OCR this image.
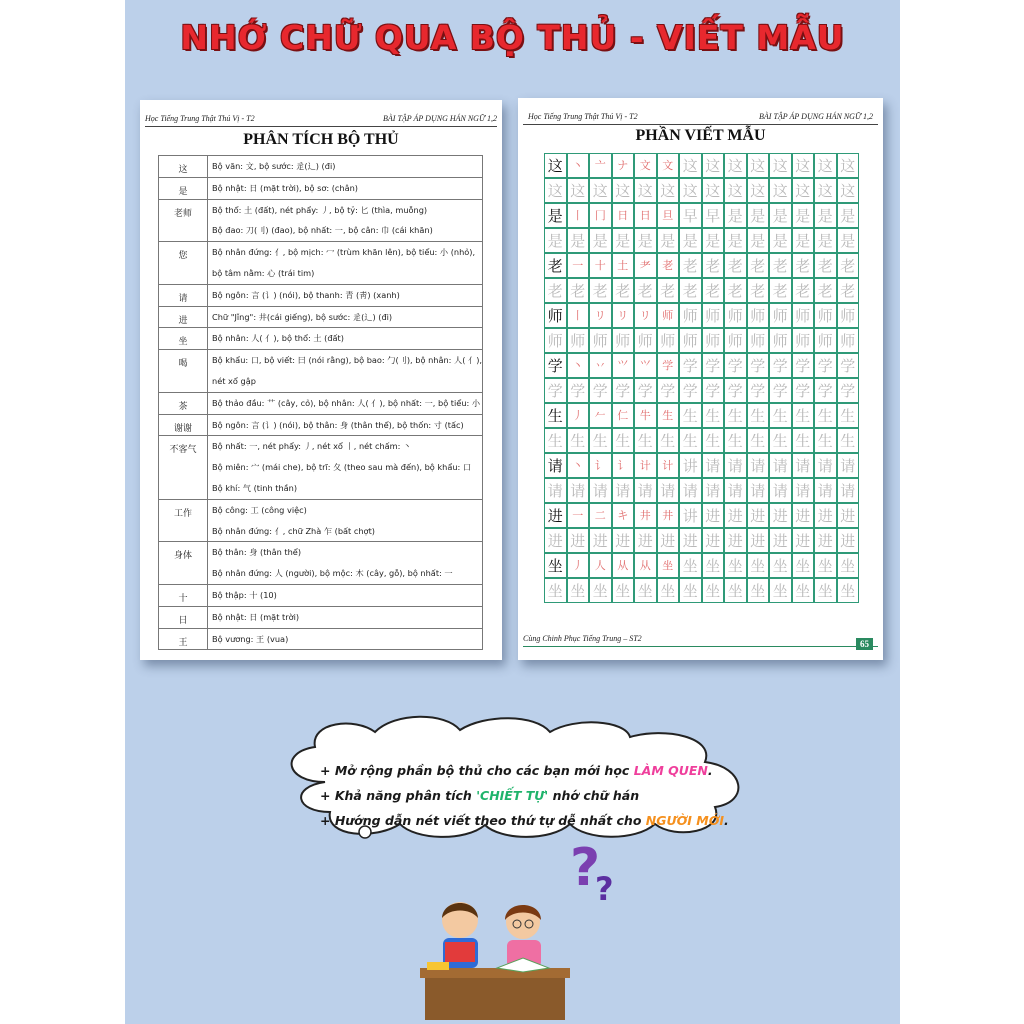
NHỚ CHỮ QUA BỘ THỦ - VIẾT MẪU
Học Tiếng Trung Thật Thú Vị - T2	BÀI TẬP ÁP DỤNG HÁN NGỮ 1,2
PHÂN TÍCH BỘ THỦ
这	Bộ văn: 文, bộ sước: 辵(辶) (đi)

是	Bộ nhật: 日 (mặt trời), bộ sơ: (chân)

老师	Bộ thổ: 土 (đất), nét phẩy: 丿, bộ tỷ: 匕 (thìa, muỗng)
Bộ đao: 刀(刂) (đao), bộ nhất: 一, bộ cân: 巾 (cái khăn)

您	Bộ nhân đứng: 亻, bộ mịch: 冖 (trùm khăn lên), bộ tiểu: 小 (nhỏ),
bộ tâm nằm: 心 (trái tim)

请	Bộ ngôn: 言 (讠) (nói), bộ thanh: 青 (靑) (xanh)

进	Chữ "Jǐng": 井(cái giếng), bộ sước: 辵(辶) (đi)

坐	Bộ nhân: 人( 亻), bộ thổ: 土 (đất)

喝	Bộ khẩu: 口, bộ viết: 曰 (nói rằng), bộ bao: 勹(刂), bộ nhân: 人( 亻),
nét xổ gập

茶	Bộ thảo đầu: 艹 (cây, cỏ), bộ nhân: 人( 亻), bộ nhất: 一, bộ tiểu: 小

谢谢	Bộ ngôn: 言 (讠) (nói), bộ thân: 身 (thân thể), bộ thốn: 寸 (tấc)

不客气	Bộ nhất: 一, nét phẩy: 丿, nét xổ 丨, nét chấm: 丶
Bộ miên: 宀 (mái che), bộ trĩ: 夂 (theo sau mà đến), bộ khẩu: 口
Bộ khí: 气 (tinh thần)

工作	Bộ công: 工 (công việc)
Bộ nhân đứng: 亻, chữ Zhà 乍 (bất chợt)

身体	Bộ thân: 身 (thân thể)
Bộ nhân đứng: 人 (người), bộ mộc: 木 (cây, gỗ), bộ nhất: 一

十	Bộ thập: 十 (10)

日	Bộ nhật: 日 (mặt trời)

王	Bộ vương: 王 (vua)
Học Tiếng Trung Thật Thú Vị - T2	BÀI TẬP ÁP DỤNG HÁN NGỮ 1,2
PHẦN VIẾT MẪU
这 丶	亠	ナ	文	文 这 这 这 这 这 这 这 这
这 这 这 这 这 这 这 这 这 这 这 这 这 这
是 丨	冂	日	日	旦 早 早 是 是 是 是 是 是
是 是 是 是 是 是 是 是 是 是 是 是 是 是
老 一	十	土	耂	老 老 老 老 老 老 老 老 老
老 老 老 老 老 老 老 老 老 老 老 老 老 老
师 丨	リ	リ	リ	师 师 师 师 师 师 师 师 师
师 师 师 师 师 师 师 师 师 师 师 师 师 师
学 丶	丷	⺍	⺍	学 学 学 学 学 学 学 学 学
学 学 学 学 学 学 学 学 学 学 学 学 学 学
生 丿	𠂉	仁	牛	生 生 生 生 生 生 生 生 生
生 生 生 生 生 生 生 生 生 生 生 生 生 生
请 丶	讠	讠	计	计 讲 请 请 请 请 请 请 请
请 请 请 请 请 请 请 请 请 请 请 请 请 请
进 一	二	キ	井	井 讲 进 进 进 进 进 进 进
进 进 进 进 进 进 进 进 进 进 进 进 进 进
坐 丿	人	从	从	坐 坐 坐 坐 坐 坐 坐 坐 坐
坐 坐 坐 坐 坐 坐 坐 坐 坐 坐 坐 坐 坐 坐
Cùng Chinh Phục Tiếng Trung – ST2
65
+ Mở rộng phần bộ thủ cho các bạn mới học LÀM QUEN.
+ Khả năng phân tích 'CHIẾT TỰ' nhớ chữ hán
+ Hướng dẫn nét viết theo thứ tự dễ nhất cho NGƯỜI MỚI.
?
?
